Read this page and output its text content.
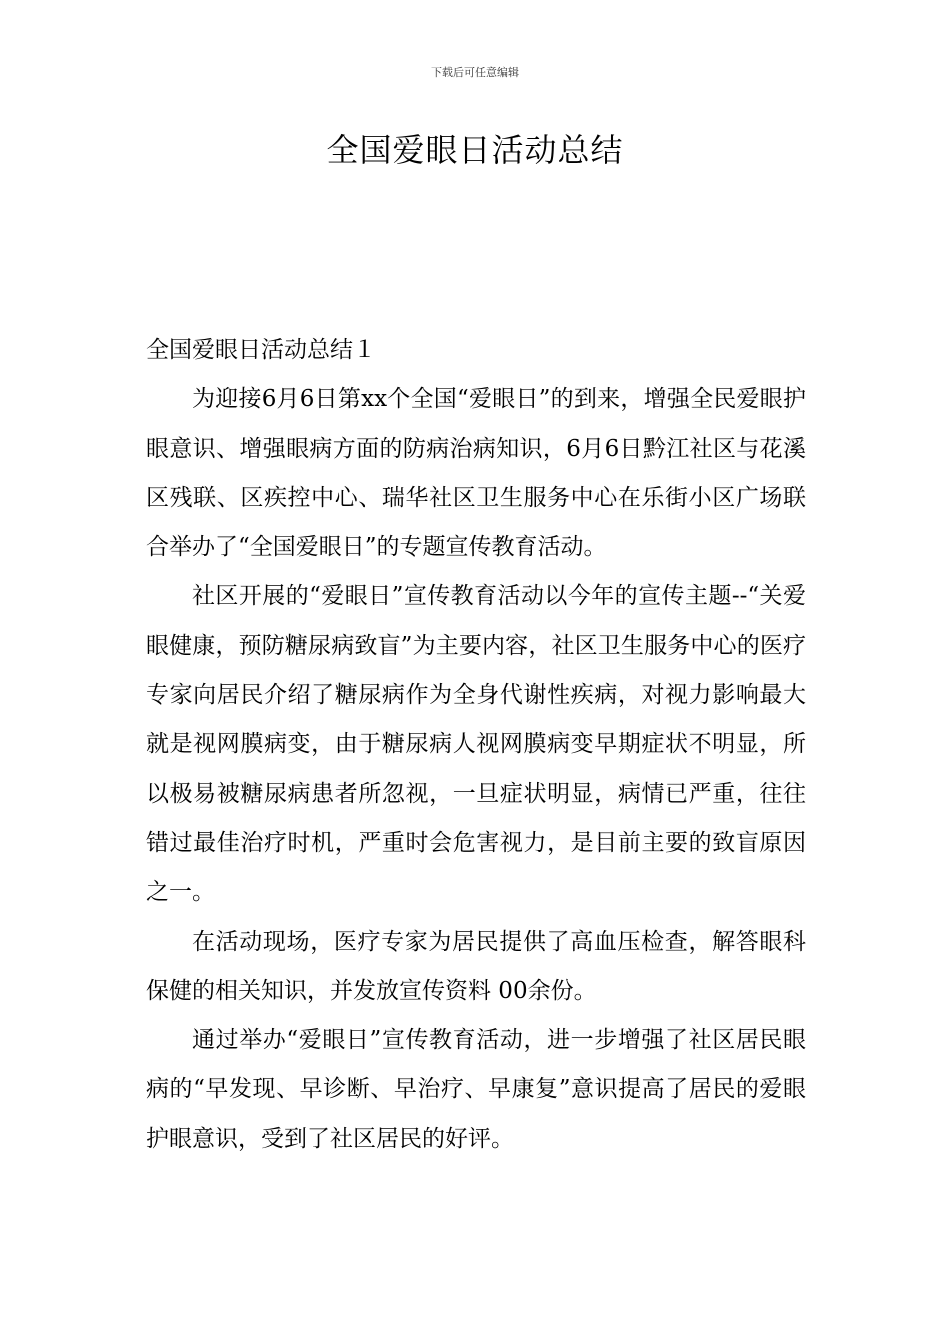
下载后可任意编辑
全国爱眼日活动总结

全国爱眼日活动总结１

为迎接6月6日第xx个全国“爱眼日”的到来，增强全民爱眼护眼意识、增强眼病方面的防病治病知识，6月6日黔江社区与花溪区残联、区疾控中心、瑞华社区卫生服务中心在乐街小区广场联合举办了“全国爱眼日”的专题宣传教育活动。

社区开展的“爱眼日”宣传教育活动以今年的宣传主题--“关爱眼健康，预防糖尿病致盲”为主要内容，社区卫生服务中心的医疗专家向居民介绍了糖尿病作为全身代谢性疾病，对视力影响最大就是视网膜病变，由于糖尿病人视网膜病变早期症状不明显，所以极易被糖尿病患者所忽视，一旦症状明显，病情已严重，往往错过最佳治疗时机，严重时会危害视力，是目前主要的致盲原因之一。

在活动现场，医疗专家为居民提供了高血压检查，解答眼科保健的相关知识，并发放宣传资料 00余份。

通过举办“爱眼日”宣传教育活动，进一步增强了社区居民眼病的“早发现、早诊断、早治疗、早康复”意识提高了居民的爱眼护眼意识，受到了社区居民的好评。
